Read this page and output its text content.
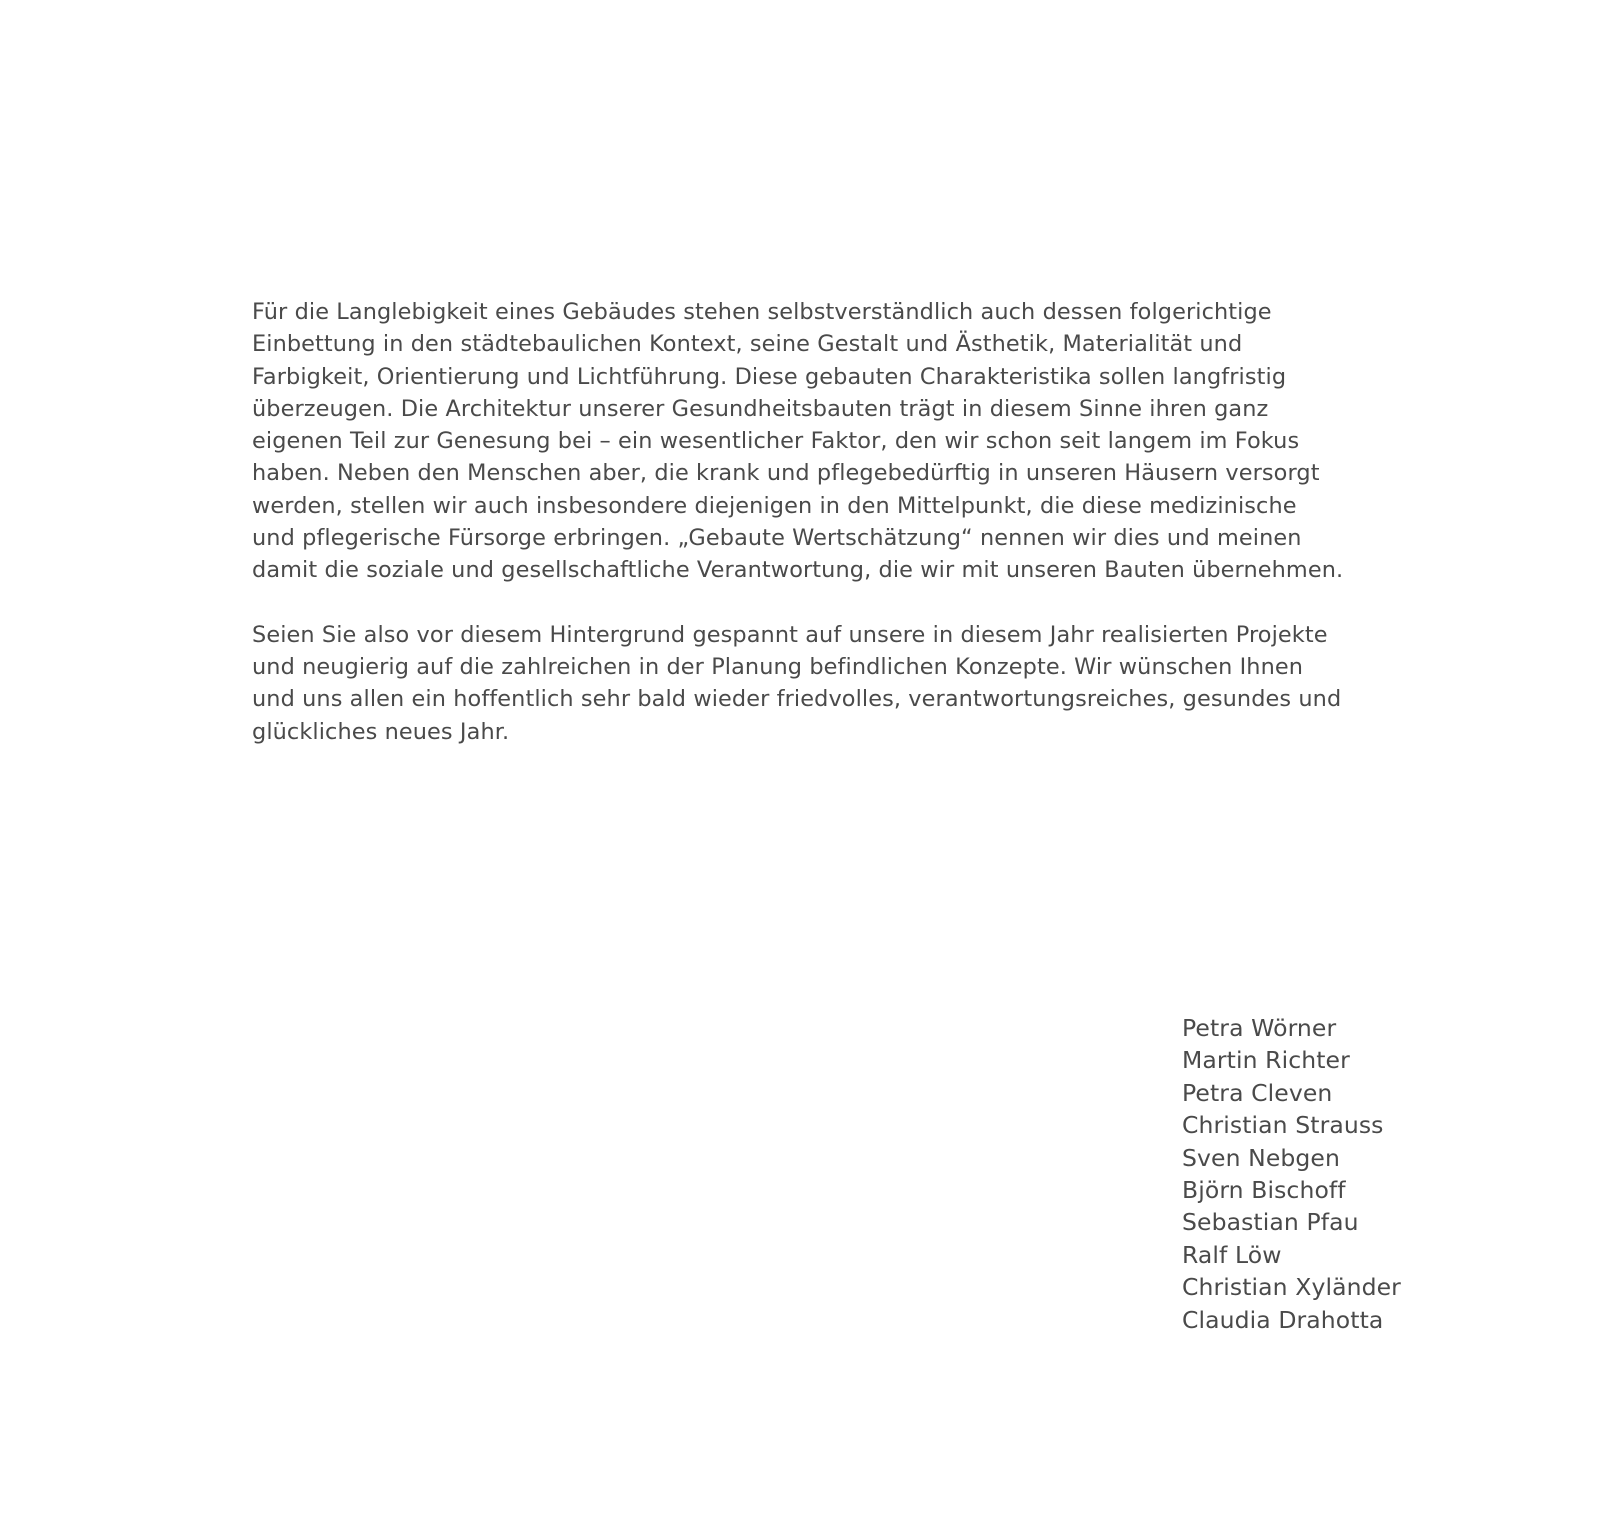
Für die Langlebigkeit eines Gebäudes stehen selbstverständlich auch dessen folgerichtige
Einbettung in den städtebaulichen Kontext, seine Gestalt und Ästhetik, Materialität und
Farbigkeit, Orientierung und Lichtführung. Diese gebauten Charakteristika sollen langfristig
überzeugen. Die Architektur unserer Gesundheitsbauten trägt in diesem Sinne ihren ganz
eigenen Teil zur Genesung bei – ein wesentlicher Faktor, den wir schon seit langem im Fokus
haben. Neben den Menschen aber, die krank und pflegebedürftig in unseren Häusern versorgt
werden, stellen wir auch insbesondere diejenigen in den Mittelpunkt, die diese medizinische
und pflegerische Fürsorge erbringen. „Gebaute Wertschätzung“ nennen wir dies und meinen
damit die soziale und gesellschaftliche Verantwortung, die wir mit unseren Bauten übernehmen.
Seien Sie also vor diesem Hintergrund gespannt auf unsere in diesem Jahr realisierten Projekte
und neugierig auf die zahlreichen in der Planung befindlichen Konzepte. Wir wünschen Ihnen
und uns allen ein hoffentlich sehr bald wieder friedvolles, verantwortungsreiches, gesundes und
glückliches neues Jahr.
Petra Wörner
Martin Richter
Petra Cleven
Christian Strauss
Sven Nebgen
Björn Bischoff
Sebastian Pfau
Ralf Löw
Christian Xyländer
Claudia Drahotta
